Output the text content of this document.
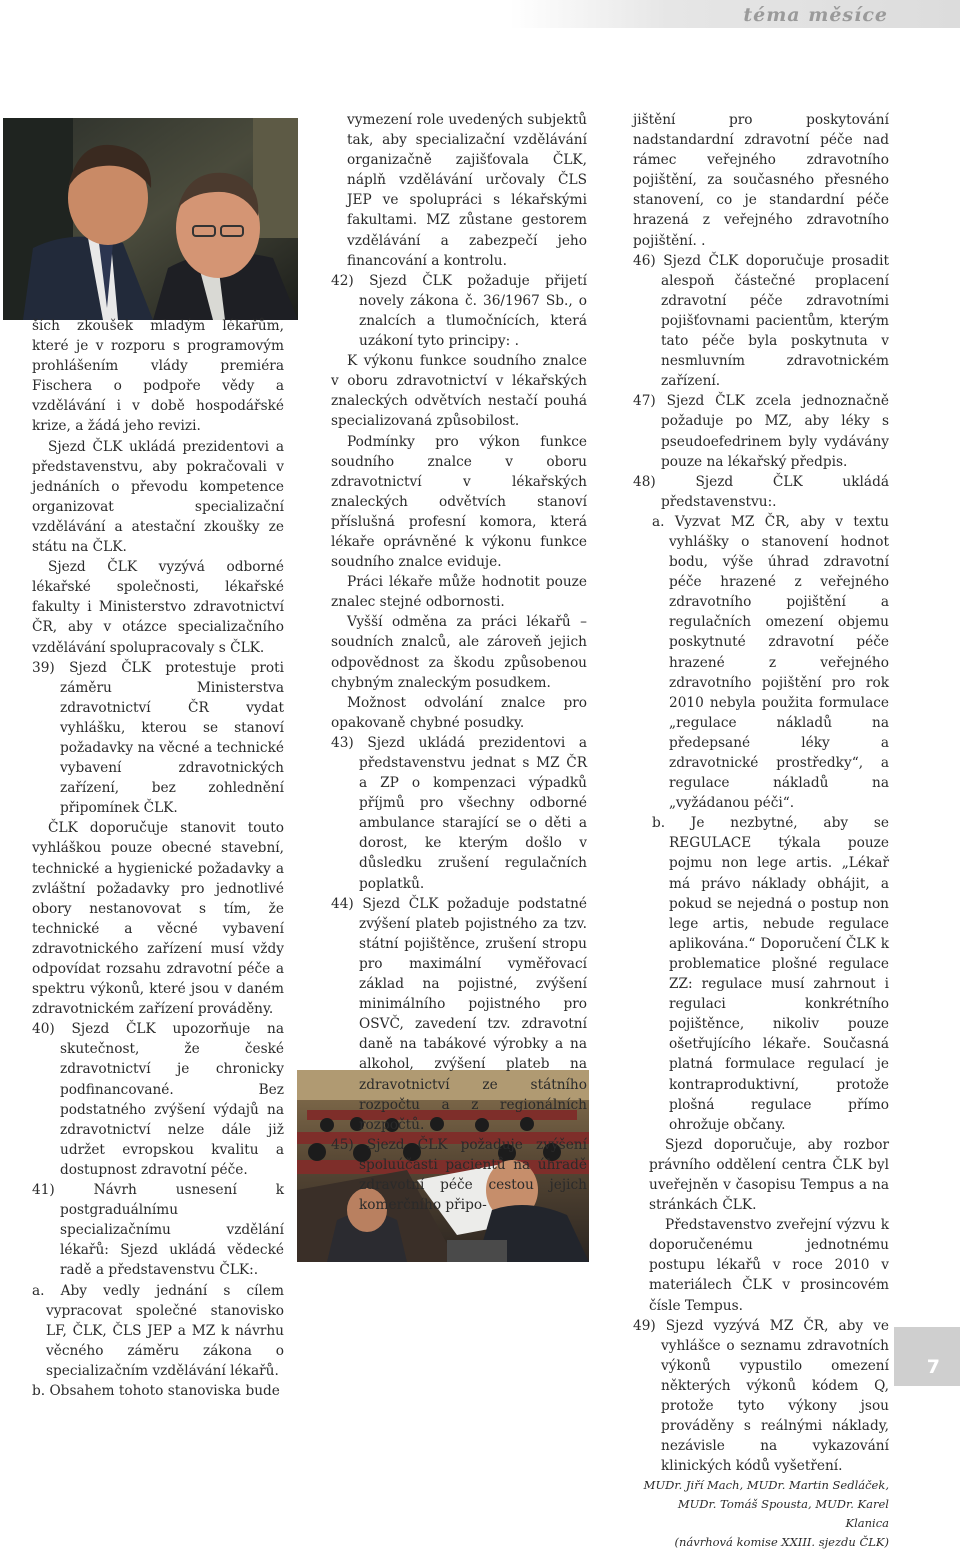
téma měsíce

ších zkoušek mladým lékařům, které je v rozporu s programovým prohlášením vlády premiéra Fischera o podpoře vědy a vzdělávání i v době hospodářské krize, a žádá jeho revizi.

Sjezd ČLK ukládá prezidentovi a představenstvu, aby pokračovali v jednáních o převodu kompetence organizovat specializační vzdělávání a atestační zkoušky ze státu na ČLK.

Sjezd ČLK vyzývá odborné lékařské společnosti, lékařské fakulty i Ministerstvo zdravotnictví ČR, aby v otázce specializačního vzdělávání spolupracovaly s ČLK.

39) Sjezd ČLK protestuje proti záměru Ministerstva zdravotnictví ČR vydat vyhlášku, kterou se stanoví požadavky na věcné a technické vybavení zdravotnických zařízení, bez zohlednění připomínek ČLK.

ČLK doporučuje stanovit touto vyhláškou pouze obecné stavební, technické a hygienické požadavky a zvláštní požadavky pro jednotlivé obory nestanovovat s tím, že technické a věcné vybavení zdravotnického zařízení musí vždy odpovídat rozsahu zdravotní péče a spektru výkonů, které jsou v daném zdravotnickém zařízení prováděny.

40) Sjezd ČLK upozorňuje na skutečnost, že české zdravotnictví je chronicky podfinancované. Bez podstatného zvýšení výdajů na zdravotnictví nelze dále již udržet evropskou kvalitu a dostupnost zdravotní péče.

41) Návrh usnesení k postgraduálnímu specializačnímu vzdělání lékařů: Sjezd ukládá vědecké radě a představenstvu ČLK:.

a. Aby vedly jednání s cílem vypracovat společné stanovisko LF, ČLK, ČLS JEP a MZ k návrhu věcného záměru zákona o specializačním vzdělávání lékařů.

b. Obsahem tohoto stanoviska bude

vymezení role uvedených subjektů tak, aby specializační vzdělávání organizačně zajišťovala ČLK, náplň vzdělávání určovaly ČLS JEP ve spolupráci s lékařskými fakultami. MZ zůstane gestorem vzdělávání a zabezpečí jeho financování a kontrolu.

42) Sjezd ČLK požaduje přijetí novely zákona č. 36/1967 Sb., o znalcích a tlumočnících, která uzákoní tyto principy: .

K výkonu funkce soudního znalce v oboru zdravotnictví v lékařských znaleckých odvětvích nestačí pouhá specializovaná způsobilost.

Podmínky pro výkon funkce soudního znalce v oboru zdravotnictví v lékařských znaleckých odvětvích stanoví příslušná profesní komora, která lékaře oprávněné k výkonu funkce soudního znalce eviduje.

Práci lékaře může hodnotit pouze znalec stejné odbornosti.

Vyšší odměna za práci lékařů – soudních znalců, ale zároveň jejich odpovědnost za škodu způsobenou chybným znaleckým posudkem.

Možnost odvolání znalce pro opakovaně chybné posudky.

43) Sjezd ukládá prezidentovi a představenstvu jednat s MZ ČR a ZP o kompenzaci výpadků příjmů pro všechny odborné ambulance starající se o děti a dorost, ke kterým došlo v důsledku zrušení regulačních poplatků.

44) Sjezd ČLK požaduje podstatné zvýšení plateb pojistného za tzv. státní pojištěnce, zrušení stropu pro maximální vyměřovací základ na pojistné, zvýšení minimálního pojistného pro OSVČ, zavedení tzv. zdravotní daně na tabákové výrobky a na alkohol, zvýšení plateb na zdravotnictví ze státního rozpočtu a z regionálních rozpočtů.

45) Sjezd ČLK požaduje zvýšení spoluúčasti pacientů na úhradě zdravotní péče cestou jejich komerčního připo-

jištění pro poskytování nadstandardní zdravotní péče nad rámec veřejného zdravotního pojištění, za současného přesného stanovení, co je standardní péče hrazená z veřejného zdravotního pojištění. .

46) Sjezd ČLK doporučuje prosadit alespoň částečné proplacení zdravotní péče zdravotními pojišťovnami pacientům, kterým tato péče byla poskytnuta v nesmluvním zdravotnickém zařízení.

47) Sjezd ČLK zcela jednoznačně požaduje po MZ, aby léky s pseudoefedrinem byly vydávány pouze na lékařský předpis.

48) Sjezd ČLK ukládá představenstvu:.

a. Vyzvat MZ ČR, aby v textu vyhlášky o stanovení hodnot bodu, výše úhrad zdravotní péče hrazené z veřejného zdravotního pojištění a regulačních omezení objemu poskytnuté zdravotní péče hrazené z veřejného zdravotního pojištění pro rok 2010 nebyla použita formulace „regulace nákladů na předepsané léky a zdravotnické prostředky“, a regulace nákladů na „vyžádanou péči“.

b. Je nezbytné, aby se REGULACE týkala pouze pojmu non lege artis. „Lékař má právo náklady obhájit, a pokud se nejedná o postup non lege artis, nebude regulace aplikována.“ Doporučení ČLK k problematice plošné regulace ZZ: regulace musí zahrnout i regulaci konkrétního pojištěnce, nikoliv pouze ošetřujícího lékaře. Současná platná formulace regulací je kontraproduktivní, protože plošná regulace přímo ohrožuje občany.

Sjezd doporučuje, aby rozbor právního oddělení centra ČLK byl uveřejněn v časopisu Tempus a na stránkách ČLK.

Představenstvo zveřejní výzvu k doporučenému jednotnému postupu lékařů v roce 2010 v materiálech ČLK v prosincovém čísle Tempus.

49) Sjezd vyzývá MZ ČR, aby ve vyhlášce o seznamu zdravotních výkonů vypustilo omezení některých výkonů kódem Q, protože tyto výkony jsou prováděny s reálnými náklady, nezávisle na vykazování klinických kódů vyšetření.

MUDr. Jiří Mach, MUDr. Martin Sedláček,
MUDr. Tomáš Spousta, MUDr. Karel Klanica
(návrhová komise XXIII. sjezdu ČLK)
7
